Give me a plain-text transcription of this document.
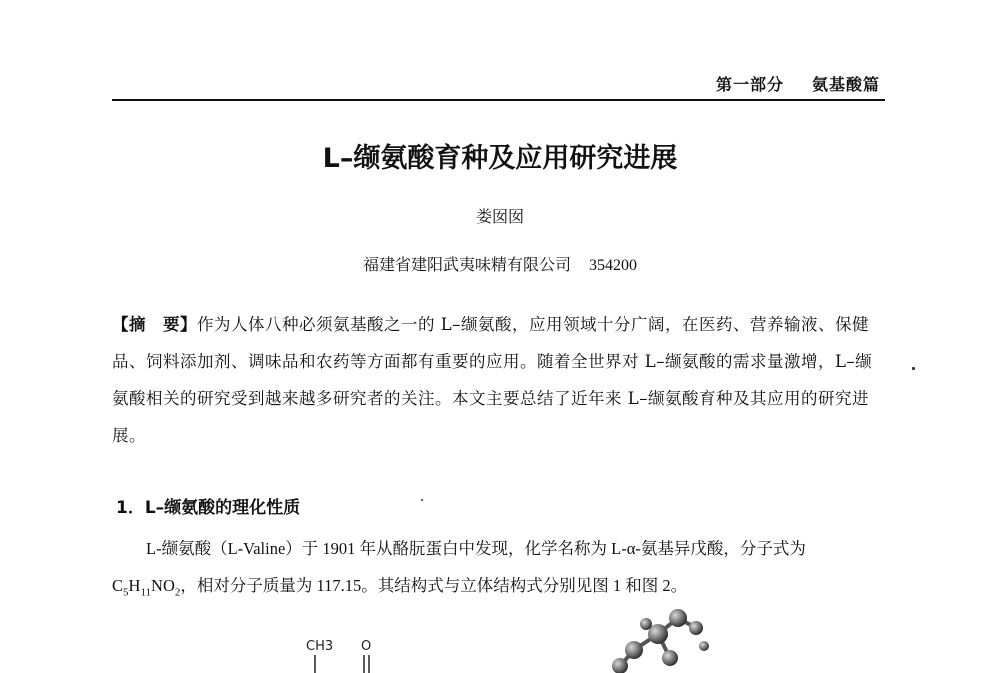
第一部分 氨基酸篇
L–缬氨酸育种及应用研究进展
娄囡囡
福建省建阳武夷味精有限公司 354200
【摘　要】作为人体八种必须氨基酸之一的 L–缬氨酸，应用领域十分广阔，在医药、营养输液、保健品、饲料添加剂、调味品和农药等方面都有重要的应用。随着全世界对 L–缬氨酸的需求量激增，L–缬氨酸相关的研究受到越来越多研究者的关注。本文主要总结了近年来 L–缬氨酸育种及其应用的研究进展。
1．L–缬氨酸的理化性质
L-缬氨酸（L-Valine）于 1901 年从酪朊蛋白中发现，化学名称为 L-α-氨基异戊酸，分子式为 $C_5H_{11}NO_2$，相对分子质量为 117.15。其结构式与立体结构式分别见图 1 和图 2。
CH3 O
